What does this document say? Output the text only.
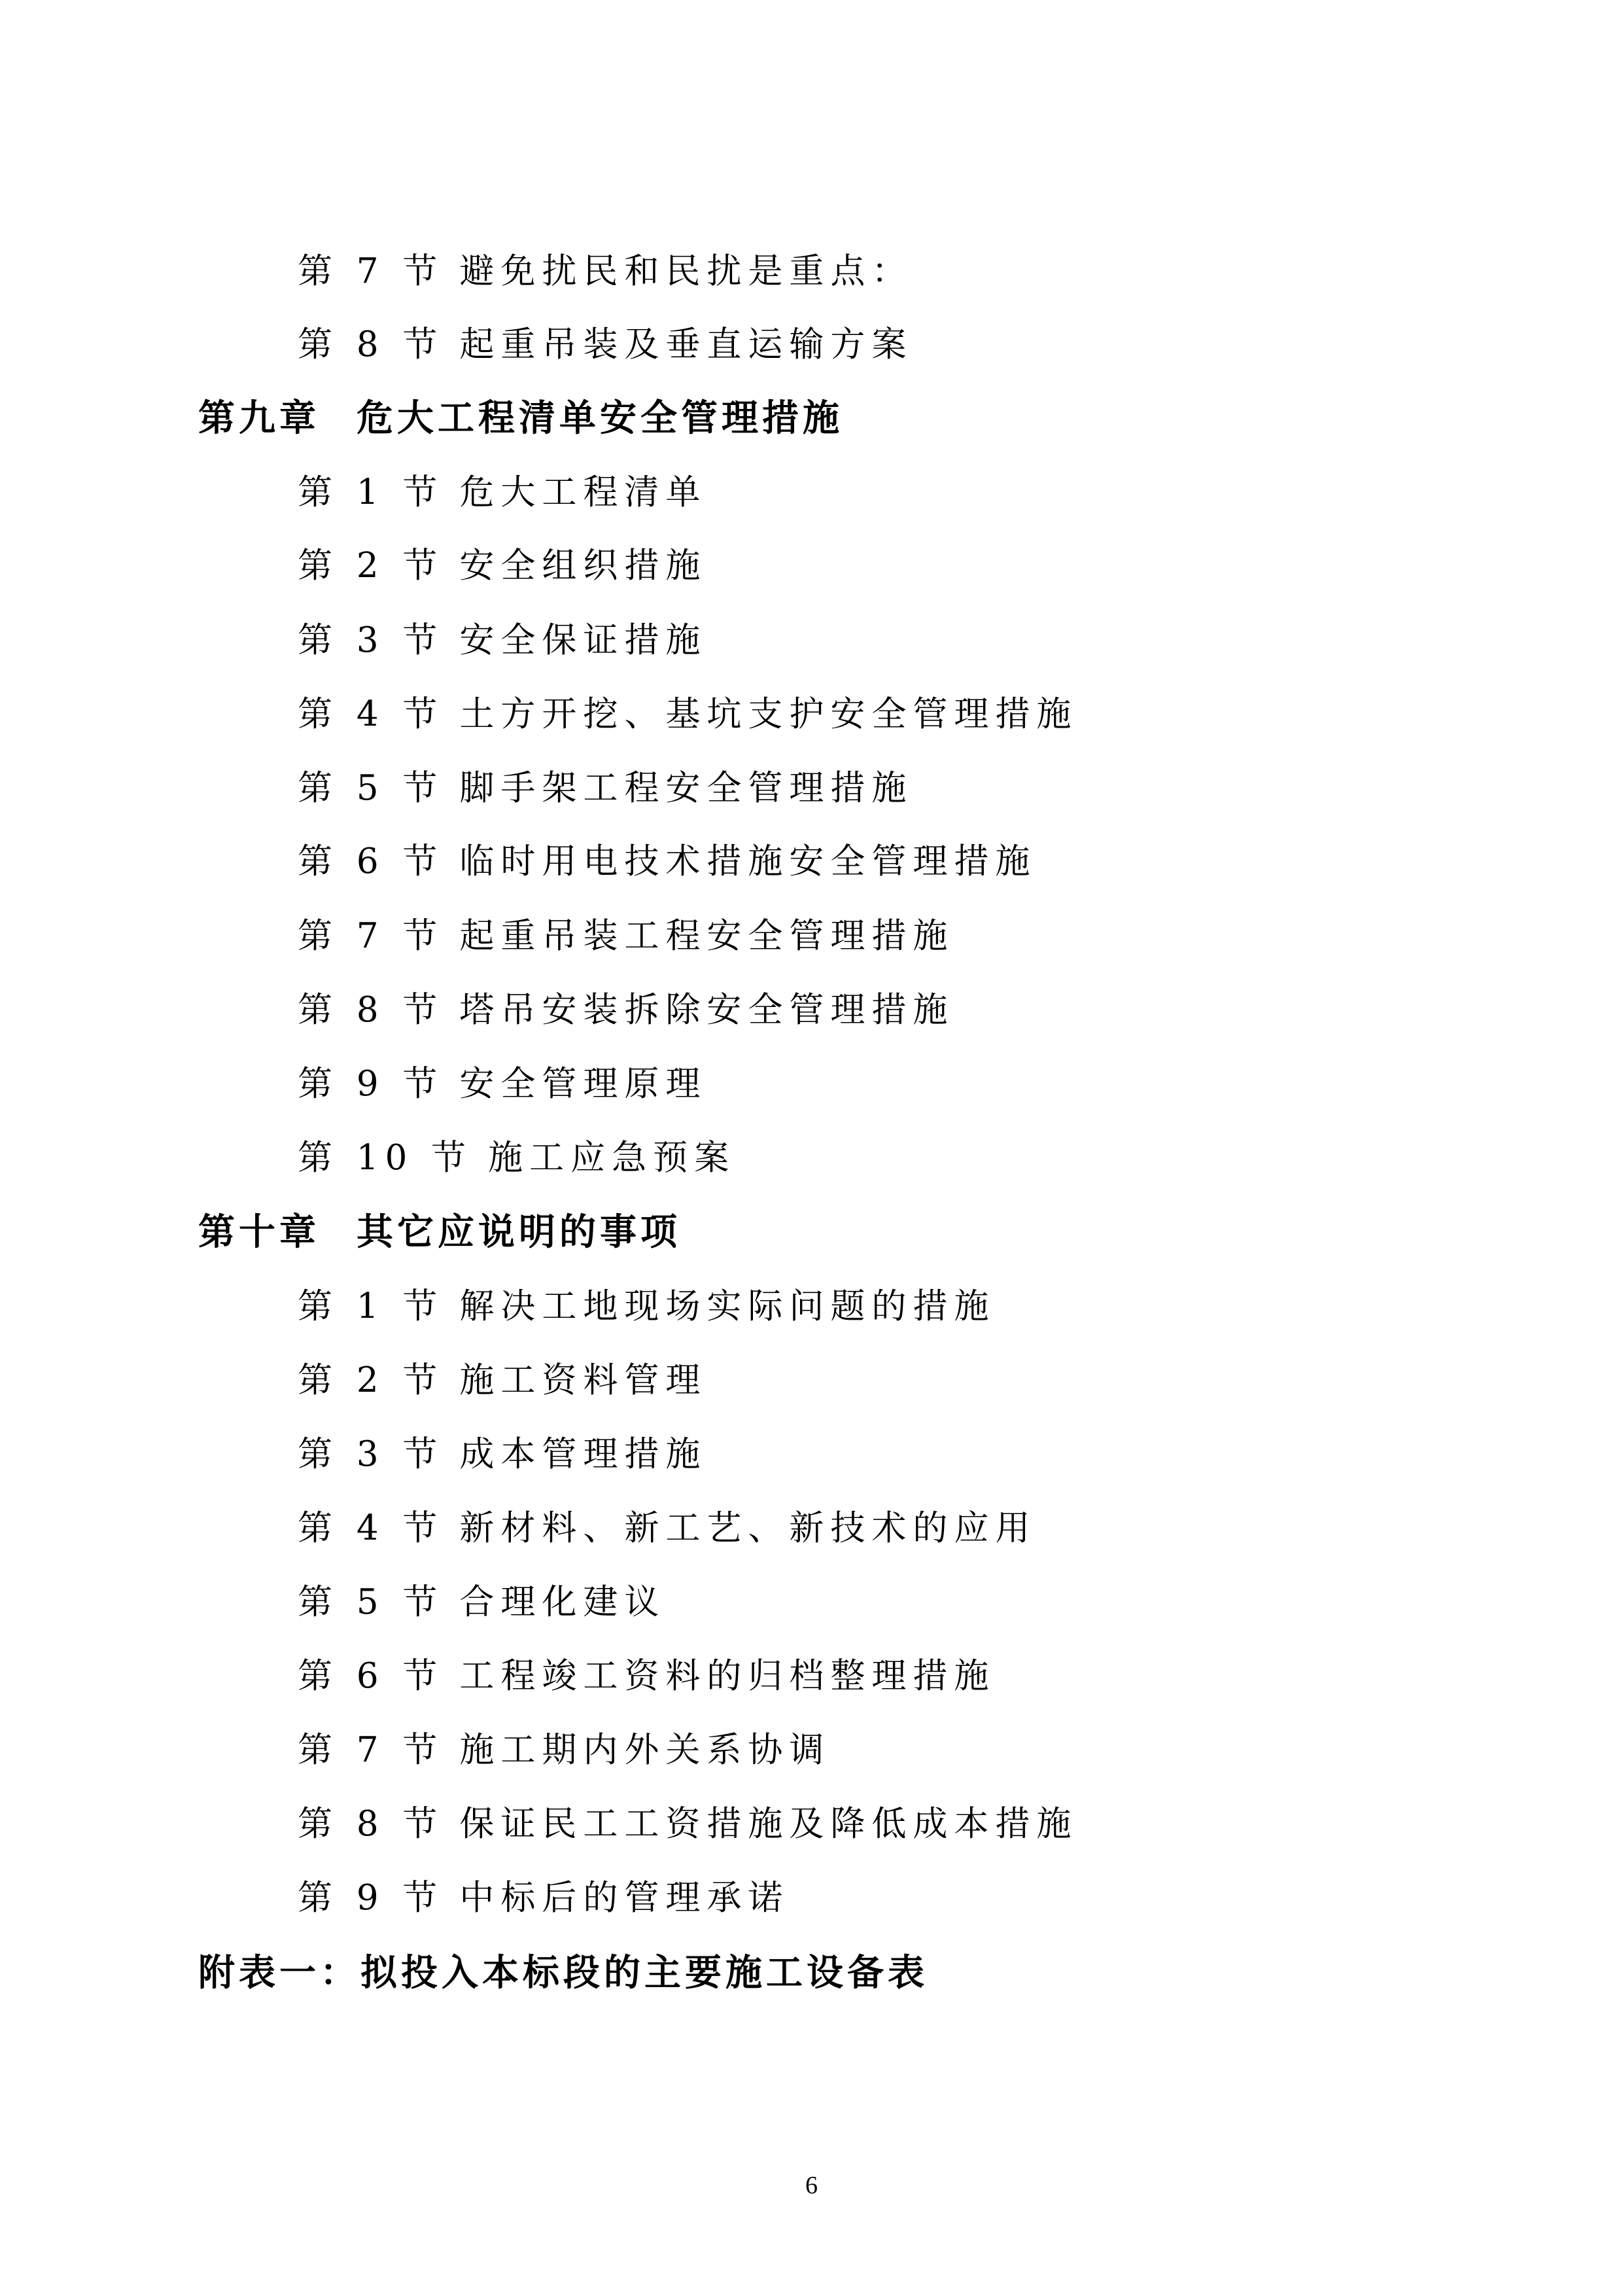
第 7 节 避免扰民和民扰是重点：
第 8 节 起重吊装及垂直运输方案
第九章 危大工程清单安全管理措施
第 1 节 危大工程清单
第 2 节 安全组织措施
第 3 节 安全保证措施
第 4 节 土方开挖、基坑支护安全管理措施
第 5 节 脚手架工程安全管理措施
第 6 节 临时用电技术措施安全管理措施
第 7 节 起重吊装工程安全管理措施
第 8 节 塔吊安装拆除安全管理措施
第 9 节 安全管理原理
第 10 节 施工应急预案
第十章 其它应说明的事项
第 1 节 解决工地现场实际问题的措施
第 2 节 施工资料管理
第 3 节 成本管理措施
第 4 节 新材料、新工艺、新技术的应用
第 5 节 合理化建议
第 6 节 工程竣工资料的归档整理措施
第 7 节 施工期内外关系协调
第 8 节 保证民工工资措施及降低成本措施
第 9 节 中标后的管理承诺
附表一：拟投入本标段的主要施工设备表
6
